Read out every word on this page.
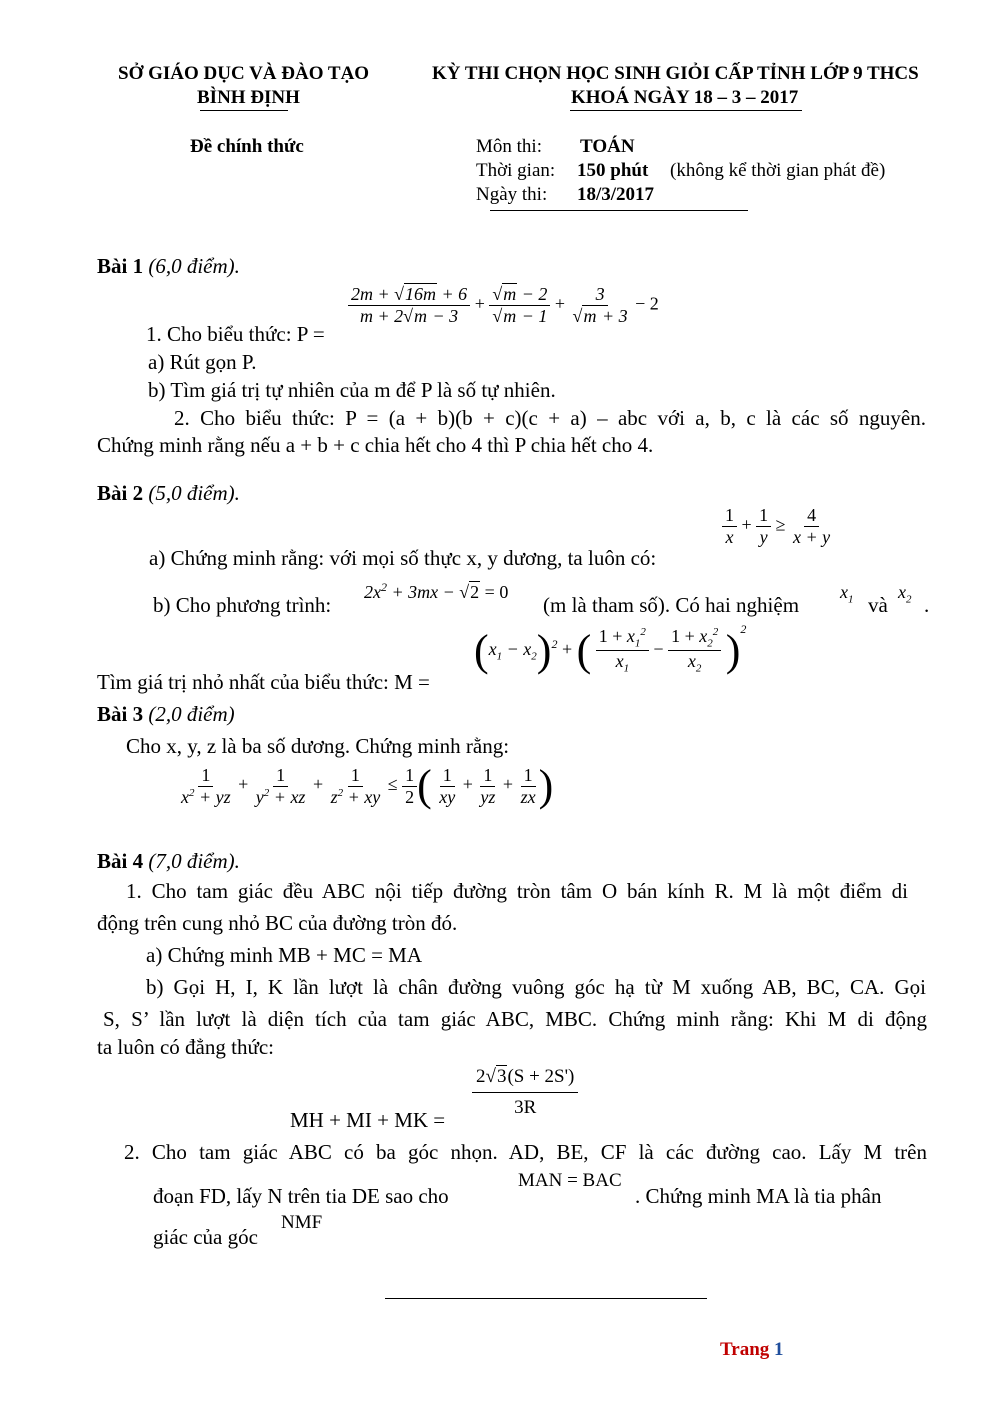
SỞ GIÁO DỤC VÀ ĐÀO TẠO
BÌNH ĐỊNH
KỲ THI CHỌN HỌC SINH GIỎI CẤP TỈNH LỚP 9 THCS
KHOÁ NGÀY 18 – 3 – 2017
Đề chính thức	Môn thi: TOÁN
Thời gian: 150 phút (không kể thời gian phát đề)
Ngày thi: 18/3/2017
Bài 1 (6,0 điểm).
1. Cho biểu thức: P =
$\frac{2m + √16m + 6}{m + 2√m - 3} + \frac{√m - 2}{√m - 1} + \frac{3}{√m + 3} - 2$
a) Rút gọn P.
b) Tìm giá trị tự nhiên của m để P là số tự nhiên.
2. Cho biểu thức: P = (a + b)(b + c)(c + a) – abc với a, b, c là các số nguyên.
Chứng minh rằng nếu a + b + c chia hết cho 4 thì P chia hết cho 4.
Bài 2 (5,0 điểm).
$\frac{1}{x} + \frac{1}{y} \ge \frac{4}{x + y}$
a) Chứng minh rằng: với mọi số thực x, y dương, ta luôn có:
b) Cho phương trình:
$2x^2 + 3mx - √2 = 0$
(m là tham số). Có hai nghiệm
$x_1$ và
$x_2$ .
$(x_1 - x_2)^2$ + ( $\frac{1 + x_1^2}{x_1} - \frac{1 + x_2^2}{x_2} )^2$
Tìm giá trị nhỏ nhất của biểu thức: M =
Bài 3 (2,0 điểm)
Cho x, y, z là ba số dương. Chứng minh rằng:
$\frac{1}{x^2 + yz} + \frac{1}{y^2 + xz} + \frac{1}{z^2 + xy} \le \frac{1}{2}$ ( $\frac{1}{xy} + \frac{1}{yz} + \frac{1}{zx}$ )
Bài 4 (7,0 điểm).
1. Cho tam giác đều ABC nội tiếp đường tròn tâm O bán kính R. M là một điểm di
động trên cung nhỏ BC của đường tròn đó.
a) Chứng minh MB + MC = MA
b) Gọi H, I, K lần lượt là chân đường vuông góc hạ từ M xuống AB, BC, CA. Gọi
S, S’ lần lượt là diện tích của tam giác ABC, MBC. Chứng minh rằng: Khi M di động
ta luôn có đẳng thức:
$\frac{2√3(S + 2S')}{3R}$
MH + MI + MK =
2. Cho tam giác ABC có ba góc nhọn. AD, BE, CF là các đường cao. Lấy M trên
đoạn FD, lấy N trên tia DE sao cho
MAN = BAC
. Chứng minh MA là tia phân
giác của góc
NMF
Trang 1
